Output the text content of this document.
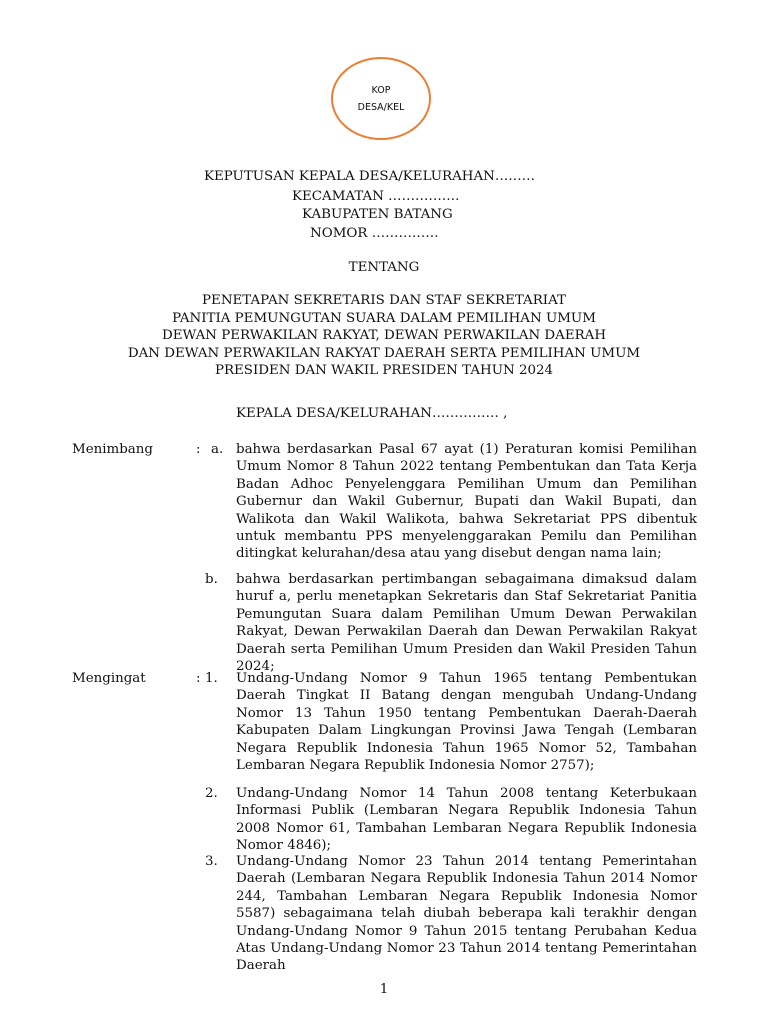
KOP
DESA/KEL
KEPUTUSAN KEPALA DESA/KELURAHAN………
KECAMATAN …………….
KABUPATEN BATANG
NOMOR ……………
TENTANG
PENETAPAN SEKRETARIS DAN STAF SEKRETARIAT
PANITIA PEMUNGUTAN SUARA DALAM PEMILIHAN UMUM
DEWAN PERWAKILAN RAKYAT, DEWAN PERWAKILAN DAERAH
DAN DEWAN PERWAKILAN RAKYAT DAERAH SERTA PEMILIHAN UMUM
PRESIDEN DAN WAKIL PRESIDEN TAHUN 2024
KEPALA DESA/KELURAHAN…………… ,
Menimbang	: a. bahwa berdasarkan Pasal 67 ayat (1) Peraturan komisi Pemilihan Umum Nomor 8 Tahun 2022 tentang Pembentukan dan Tata Kerja Badan Adhoc Penyelenggara Pemilihan Umum dan Pemilihan Gubernur dan Wakil Gubernur, Bupati dan Wakil Bupati, dan Walikota dan Wakil Walikota, bahwa Sekretariat PPS dibentuk untuk membantu PPS menyelenggarakan Pemilu dan Pemilihan ditingkat kelurahan/desa atau yang disebut dengan nama lain;
b. bahwa berdasarkan pertimbangan sebagaimana dimaksud dalam huruf a, perlu menetapkan Sekretaris dan Staf Sekretariat Panitia Pemungutan Suara dalam Pemilihan Umum Dewan Perwakilan Rakyat, Dewan Perwakilan Daerah dan Dewan Perwakilan Rakyat Daerah serta Pemilihan Umum Presiden dan Wakil Presiden Tahun 2024;
Mengingat	: 1. Undang-Undang Nomor 9 Tahun 1965 tentang Pembentukan Daerah Tingkat II Batang dengan mengubah Undang-Undang Nomor 13 Tahun 1950 tentang Pembentukan Daerah-Daerah Kabupaten Dalam Lingkungan Provinsi Jawa Tengah (Lembaran Negara Republik Indonesia Tahun 1965 Nomor 52, Tambahan Lembaran Negara Republik Indonesia Nomor 2757);
2. Undang-Undang Nomor 14 Tahun 2008 tentang Keterbukaan Informasi Publik (Lembaran Negara Republik Indonesia Tahun 2008 Nomor 61, Tambahan Lembaran Negara Republik Indonesia Nomor 4846);
3. Undang-Undang Nomor 23 Tahun 2014 tentang Pemerintahan Daerah (Lembaran Negara Republik Indonesia Tahun 2014 Nomor 244, Tambahan Lembaran Negara Republik Indonesia Nomor 5587) sebagaimana telah diubah beberapa kali terakhir dengan Undang-Undang Nomor 9 Tahun 2015 tentang Perubahan Kedua Atas Undang-Undang Nomor 23 Tahun 2014 tentang Pemerintahan Daerah
1
